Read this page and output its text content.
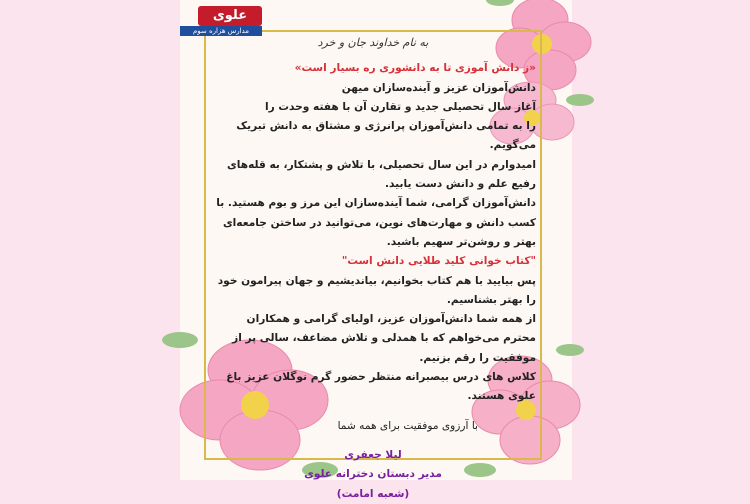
علوی
مدارس هزاره سوم

به نام خداوند جان و خرد

«ز دانش آموزی تا به دانشوری ره بسیار است»

دانش‌آموزان عزیز و آینده‌سازان میهن

آغاز سال تحصیلی جدید و تقارن آن با هفته وحدت را

را به تمامی دانش‌آموزان پرانرژی و مشتاق به دانش تبریک می‌گویم.

امیدوارم در این سال تحصیلی، با تلاش و پشتکار، به قله‌های رفیع علم و دانش دست یابید.

دانش‌آموزان گرامی، شما آینده‌سازان این مرز و بوم هستید. با کسب دانش و مهارت‌های نوین، می‌توانید در ساختن جامعه‌ای بهتر و روشن‌تر سهیم باشید.

"کتاب خوانی کلید طلایی دانش است"

پس بیایید با هم کتاب بخوانیم، بیاندیشیم و جهان پیرامون خود را بهتر بشناسیم.

از همه شما دانش‌آموزان عزیز، اولیای گرامی و همکاران محترم می‌خواهم که با همدلی و تلاش مضاعف، سالی پر از موفقیت را رقم بزنیم.

کلاس های درس بیصبرانه منتظر حضور گرم نوگلان عزیز باغ علوی هستند.

با آرزوی موفقیت برای همه شما

لیلا جعفری

مدیر دبستان دخترانه علوی

(شعبه امامت)
